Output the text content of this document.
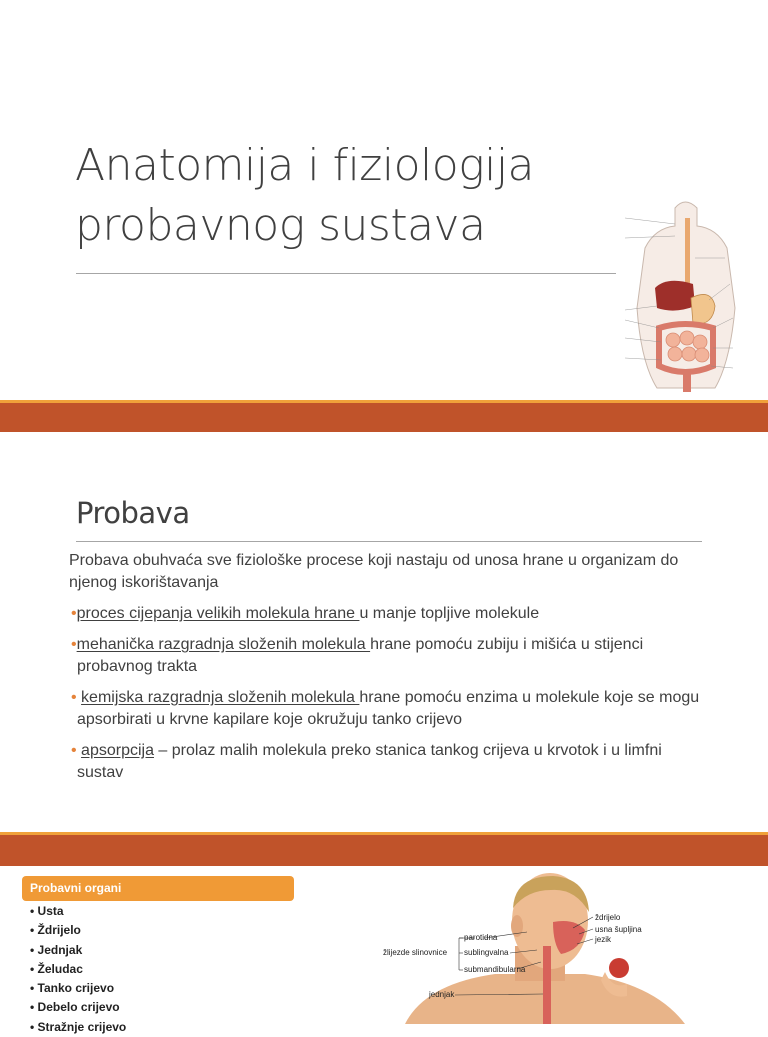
Anatomija i fiziologija
probavnog sustava
Probava

Probava obuhvaća sve fiziološke procese koji nastaju od unosa hrane u organizam do njenog iskorištavanja

•proces cijepanja velikih molekula hrane u manje topljive molekule

•mehanička razgradnja složenih molekula hrane pomoću zubiju i mišića u stijenci probavnog trakta

• kemijska razgradnja složenih molekula hrane pomoću enzima u molekule koje se mogu apsorbirati u krvne kapilare koje okružuju tanko crijevo

• apsorpcija – prolaz malih molekula preko stanica tankog crijeva u krvotok i u limfni sustav

Probavni organi
• Usta
• Ždrijelo
• Jednjak
• Želudac
• Tanko crijevo
• Debelo crijevo
• Stražnje crijevo
parotidna
sublingvalna
submandibularna
žlijezde slinovnice
ždrijelo
usna šupljina
jezik
jednjak
